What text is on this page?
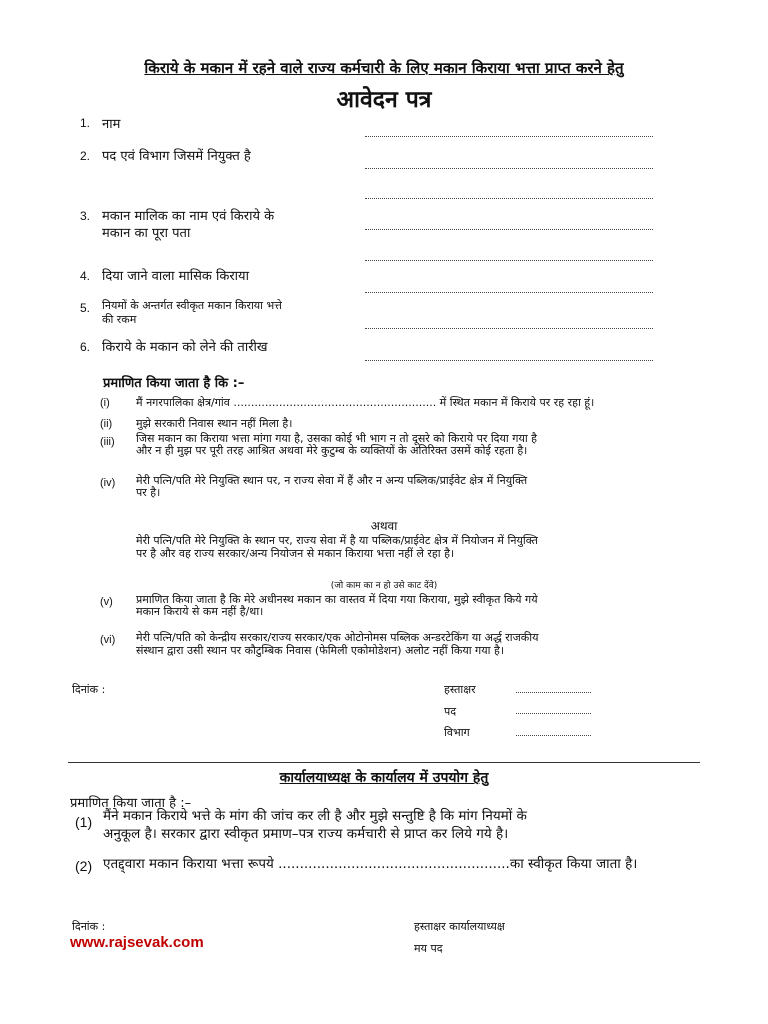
किराये के मकान में रहने वाले राज्य कर्मचारी के लिए मकान किराया भत्ता प्राप्त करने हेतु
आवेदन पत्र
1. नाम
2. पद एवं विभाग जिसमें नियुक्त है
3. मकान मालिक का नाम एवं किराये के
मकान का पूरा पता
4. दिया जाने वाला मासिक किराया
5. नियमों के अन्तर्गत स्वीकृत मकान किराया भत्ते
की रकम
6. किराये के मकान को लेने की तारीख
प्रमाणित किया जाता है कि :–
(i) मैं नगरपालिका क्षेत्र/गांव .......................................................... में स्थित मकान में किराये पर रह रहा हूं।
(ii) मुझे सरकारी निवास स्थान नहीं मिला है।
(iii) जिस मकान का किराया भत्ता मांगा गया है, उसका कोई भी भाग न तो दूसरे को किराये पर दिया गया है
और न ही मुझ पर पूरी तरह आश्रित अथवा मेरे कुटुम्ब के व्यक्तियों के अतिरिक्त उसमें कोई रहता है।
(iv) मेरी पत्नि/पति मेरे नियुक्ति स्थान पर, न राज्य सेवा में हैं और न अन्य पब्लिक/प्राईवेट क्षेत्र में नियुक्ति
पर है।
अथवा
मेरी पत्नि/पति मेरे नियुक्ति के स्थान पर, राज्य सेवा में है या पब्लिक/प्राईवेट क्षेत्र में नियोजन में नियुक्ति
पर है और वह राज्य सरकार/अन्य नियोजन से मकान किराया भत्ता नहीं ले रहा है।
(जो काम का न हो उसे काट देंवे)
(v) प्रमाणित किया जाता है कि मेरे अधीनस्थ मकान का वास्तव में दिया गया किराया, मुझे स्वीकृत किये गये
मकान किराये से कम नहीं है/था।
(vi) मेरी पत्नि/पति को केन्द्रीय सरकार/राज्य सरकार/एक ओटोनोमस पब्लिक अन्डरटेकिंग या अर्द्ध राजकीय
संस्थान द्वारा उसी स्थान पर कौटुम्बिक निवास (फेमिली एकोमोडेशन) अलोट नहीं किया गया है।
दिनांक :	हस्ताक्षर
पद
विभाग
कार्यालयाध्यक्ष के कार्यालय में उपयोग हेतु
प्रमाणित किया जाता है :–
(1) मैंने मकान किराये भत्ते के मांग की जांच कर ली है और मुझे सन्तुष्टि है कि मांग नियमों के
अनुकूल है। सरकार द्वारा स्वीकृत प्रमाण–पत्र राज्य कर्मचारी से प्राप्त कर लिये गये है।
(2) एतद्द्वारा मकान किराया भत्ता रूपये ......................................................का स्वीकृत किया जाता है।
दिनांक :	हस्ताक्षर कार्यालयाध्यक्ष
मय पद
www.rajsevak.com
